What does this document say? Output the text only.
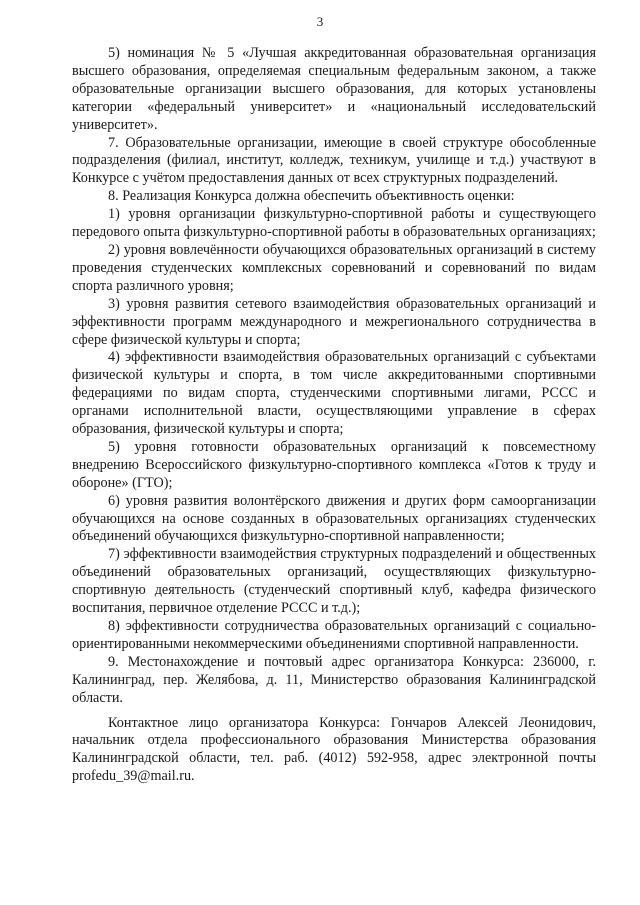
3

5) номинация № 5 «Лучшая аккредитованная образовательная организация высшего образования, определяемая специальным федеральным законом, а также образовательные организации высшего образования, для которых установлены категории «федеральный университет» и «национальный исследовательский университет».

7. Образовательные организации, имеющие в своей структуре обособленные подразделения (филиал, институт, колледж, техникум, училище и т.д.) участвуют в Конкурсе с учётом предоставления данных от всех структурных подразделений.

8. Реализация Конкурса должна обеспечить объективность оценки:

1) уровня организации физкультурно-спортивной работы и существующего передового опыта физкультурно-спортивной работы в образовательных организациях;

2) уровня вовлечённости обучающихся образовательных организаций в систему проведения студенческих комплексных соревнований и соревнований по видам спорта различного уровня;

3) уровня развития сетевого взаимодействия образовательных организаций и эффективности программ международного и межрегионального сотрудничества в сфере физической культуры и спорта;

4) эффективности взаимодействия образовательных организаций с субъектами физической культуры и спорта, в том числе аккредитованными спортивными федерациями по видам спорта, студенческими спортивными лигами, РССС и органами исполнительной власти, осуществляющими управление в сферах образования, физической культуры и спорта;

5) уровня готовности образовательных организаций к повсеместному внедрению Всероссийского физкультурно-спортивного комплекса «Готов к труду и обороне» (ГТО);

6) уровня развития волонтёрского движения и других форм самоорганизации обучающихся на основе созданных в образовательных организациях студенческих объединений обучающихся физкультурно-спортивной направленности;

7) эффективности взаимодействия структурных подразделений и общественных объединений образовательных организаций, осуществляющих физкультурно-спортивную деятельность (студенческий спортивный клуб, кафедра физического воспитания, первичное отделение РССС и т.д.);

8) эффективности сотрудничества образовательных организаций с социально-ориентированными некоммерческими объединениями спортивной направленности.

9. Местонахождение и почтовый адрес организатора Конкурса: 236000, г. Калининград, пер. Желябова, д. 11, Министерство образования Калининградской области.

Контактное лицо организатора Конкурса: Гончаров Алексей Леонидович, начальник отдела профессионального образования Министерства образования Калининградской области, тел. раб. (4012) 592-958, адрес электронной почты profedu_39@mail.ru.
